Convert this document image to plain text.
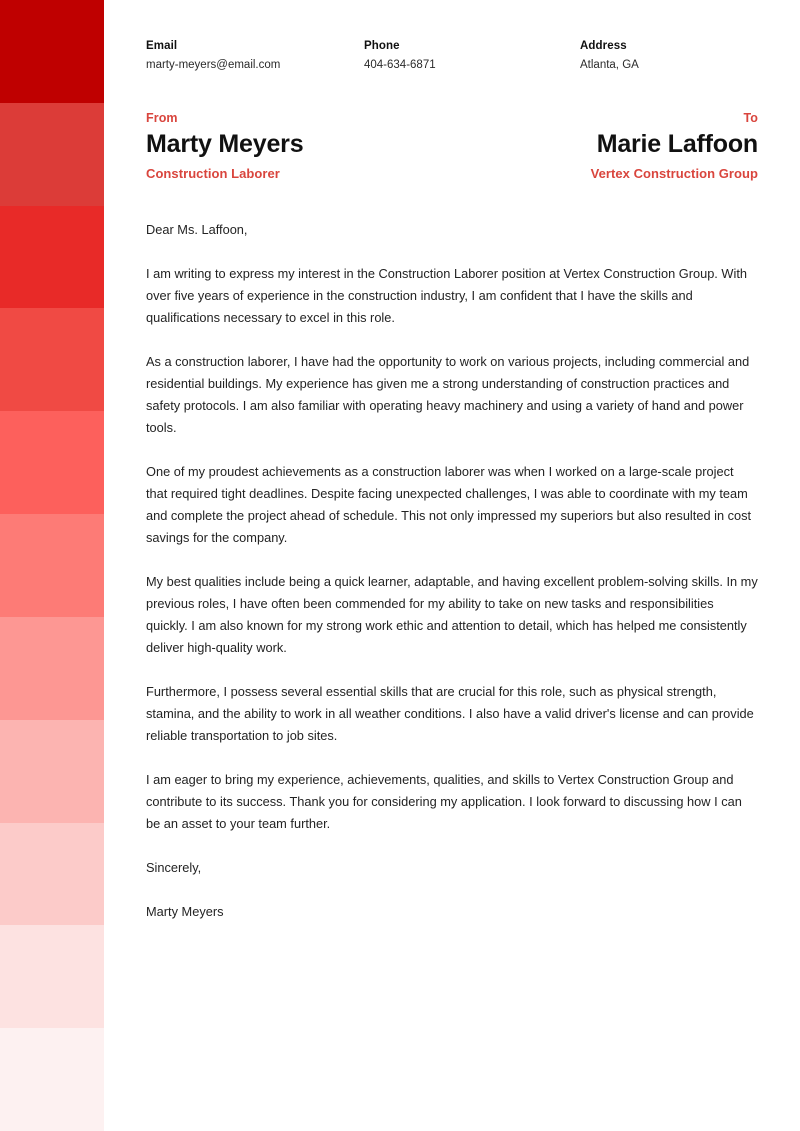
Email
marty-meyers@email.com
Phone
404-634-6871
Address
Atlanta, GA
From
Marty Meyers
Construction Laborer
To
Marie Laffoon
Vertex Construction Group

Dear Ms. Laffoon,

I am writing to express my interest in the Construction Laborer position at Vertex Construction Group. With over five years of experience in the construction industry, I am confident that I have the skills and qualifications necessary to excel in this role.

As a construction laborer, I have had the opportunity to work on various projects, including commercial and residential buildings. My experience has given me a strong understanding of construction practices and safety protocols. I am also familiar with operating heavy machinery and using a variety of hand and power tools.

One of my proudest achievements as a construction laborer was when I worked on a large-scale project that required tight deadlines. Despite facing unexpected challenges, I was able to coordinate with my team and complete the project ahead of schedule. This not only impressed my superiors but also resulted in cost savings for the company.

My best qualities include being a quick learner, adaptable, and having excellent problem-solving skills. In my previous roles, I have often been commended for my ability to take on new tasks and responsibilities quickly. I am also known for my strong work ethic and attention to detail, which has helped me consistently deliver high-quality work.

Furthermore, I possess several essential skills that are crucial for this role, such as physical strength, stamina, and the ability to work in all weather conditions. I also have a valid driver's license and can provide reliable transportation to job sites.

I am eager to bring my experience, achievements, qualities, and skills to Vertex Construction Group and contribute to its success. Thank you for considering my application. I look forward to discussing how I can be an asset to your team further.

Sincerely,

Marty Meyers
